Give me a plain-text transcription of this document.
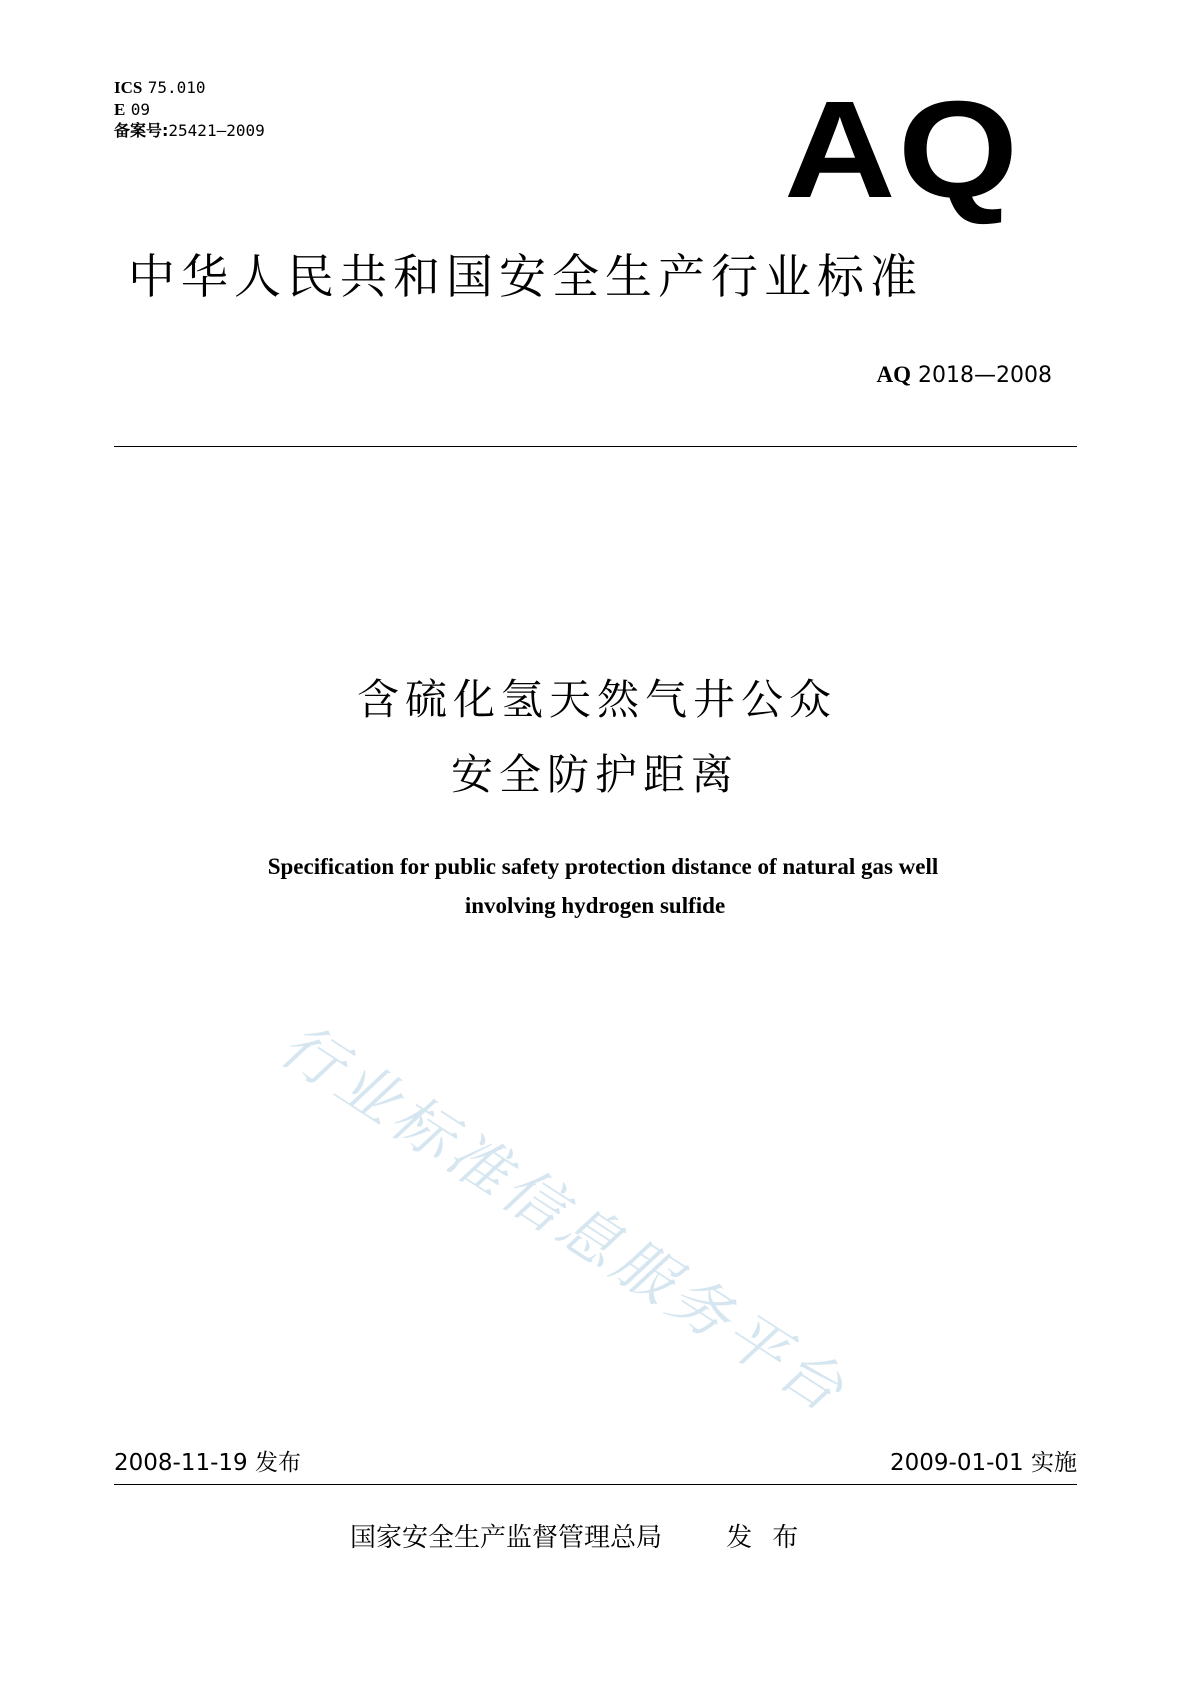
ICS 75.010
E 09
备案号:25421—2009	AQ
中华人民共和国安全生产行业标准
AQ 2018—2008
含硫化氢天然气井公众
安全防护距离
Specification for public safety protection distance of natural gas well
involving hydrogen sulfide
行业标准信息服务平台
2008-11-19 发布	2009-01-01 实施
国家安全生产监督管理总局 发布
